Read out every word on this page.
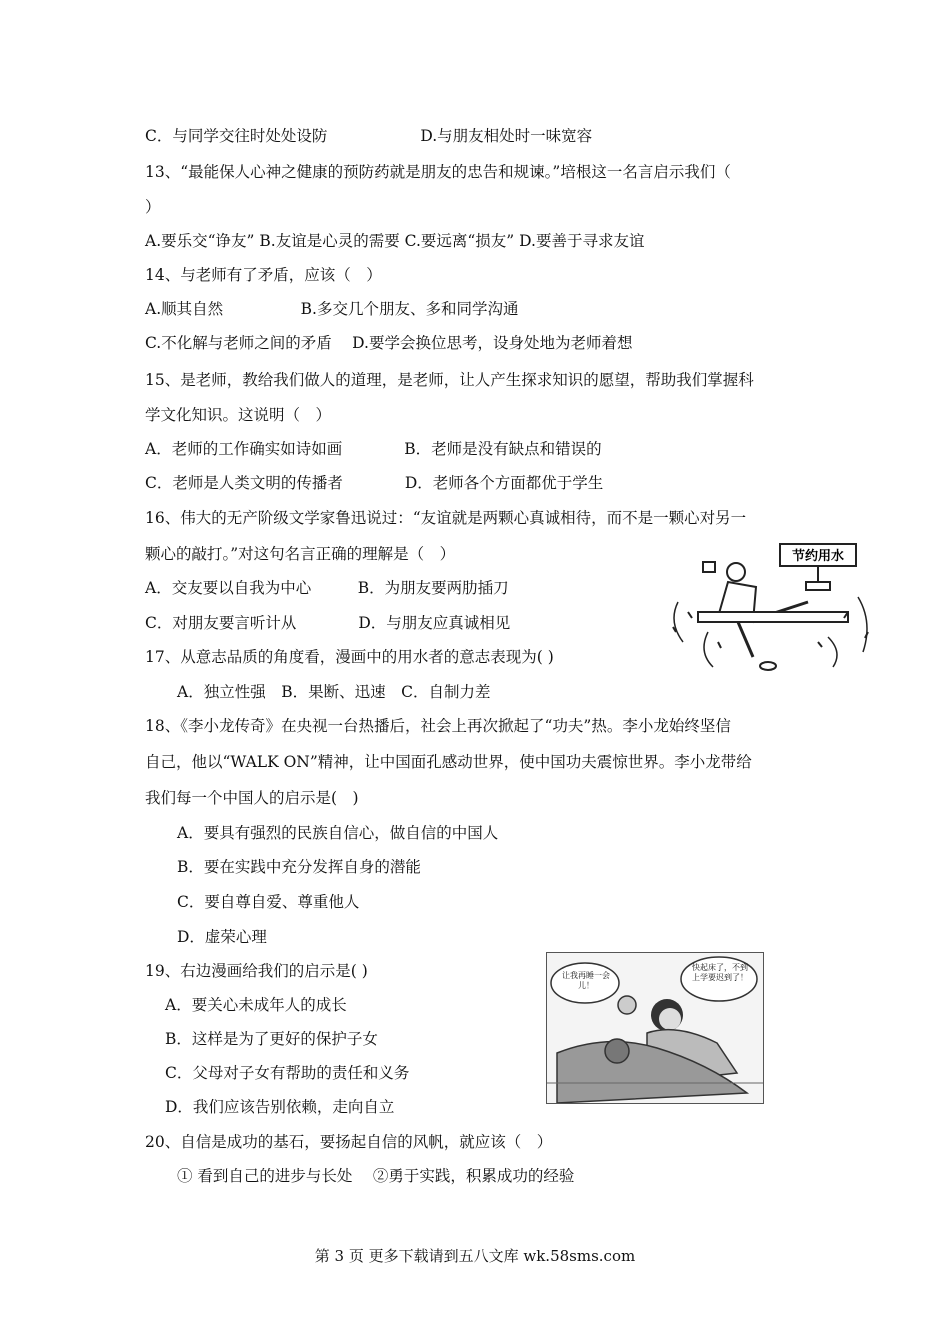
C．与同学交往时处处设防　　　　　　D.与朋友相处时一味宽容
13、“最能保人心神之健康的预防药就是朋友的忠告和规谏。”培根这一名言启示我们（
）
A.要乐交“诤友” B.友谊是心灵的需要 C.要远离“损友” D.要善于寻求友谊
14、与老师有了矛盾，应该（　）
A.顺其自然　　　　　B.多交几个朋友、多和同学沟通
C.不化解与老师之间的矛盾　 D.要学会换位思考，设身处地为老师着想
15、是老师，教给我们做人的道理，是老师，让人产生探求知识的愿望，帮助我们掌握科
学文化知识。这说明（　）
A．老师的工作确实如诗如画　　　　B．老师是没有缺点和错误的
C．老师是人类文明的传播者　　　　D．老师各个方面都优于学生
16、伟大的无产阶级文学家鲁迅说过：“友谊就是两颗心真诚相待，而不是一颗心对另一
颗心的敲打。”对这句名言正确的理解是（　）
A．交友要以自我为中心　　　B．为朋友要两肋插刀
C．对朋友要言听计从　　　　D．与朋友应真诚相见
17、从意志品质的角度看，漫画中的用水者的意志表现为( )
A．独立性强　B．果断、迅速　C．自制力差
18、《李小龙传奇》在央视一台热播后，社会上再次掀起了“功夫”热。李小龙始终坚信
自己，他以“WALK ON”精神，让中国面孔感动世界，使中国功夫震惊世界。李小龙带给
我们每一个中国人的启示是(　)
A．要具有强烈的民族自信心，做自信的中国人
B．要在实践中充分发挥自身的潜能
C．要自尊自爱、尊重他人
D．虚荣心理
19、右边漫画给我们的启示是( )
A．要关心未成年人的成长
B．这样是为了更好的保护子女
C．父母对子女有帮助的责任和义务
D．我们应该告别依赖，走向自立
20、自信是成功的基石，要扬起自信的风帆，就应该（　）
① 看到自己的进步与长处　 ②勇于实践，积累成功的经验
节约用水
让我再睡一会儿！
快起床了，不到上学要迟到了！
第 3 页 更多下载请到五八文库 wk.58sms.com
